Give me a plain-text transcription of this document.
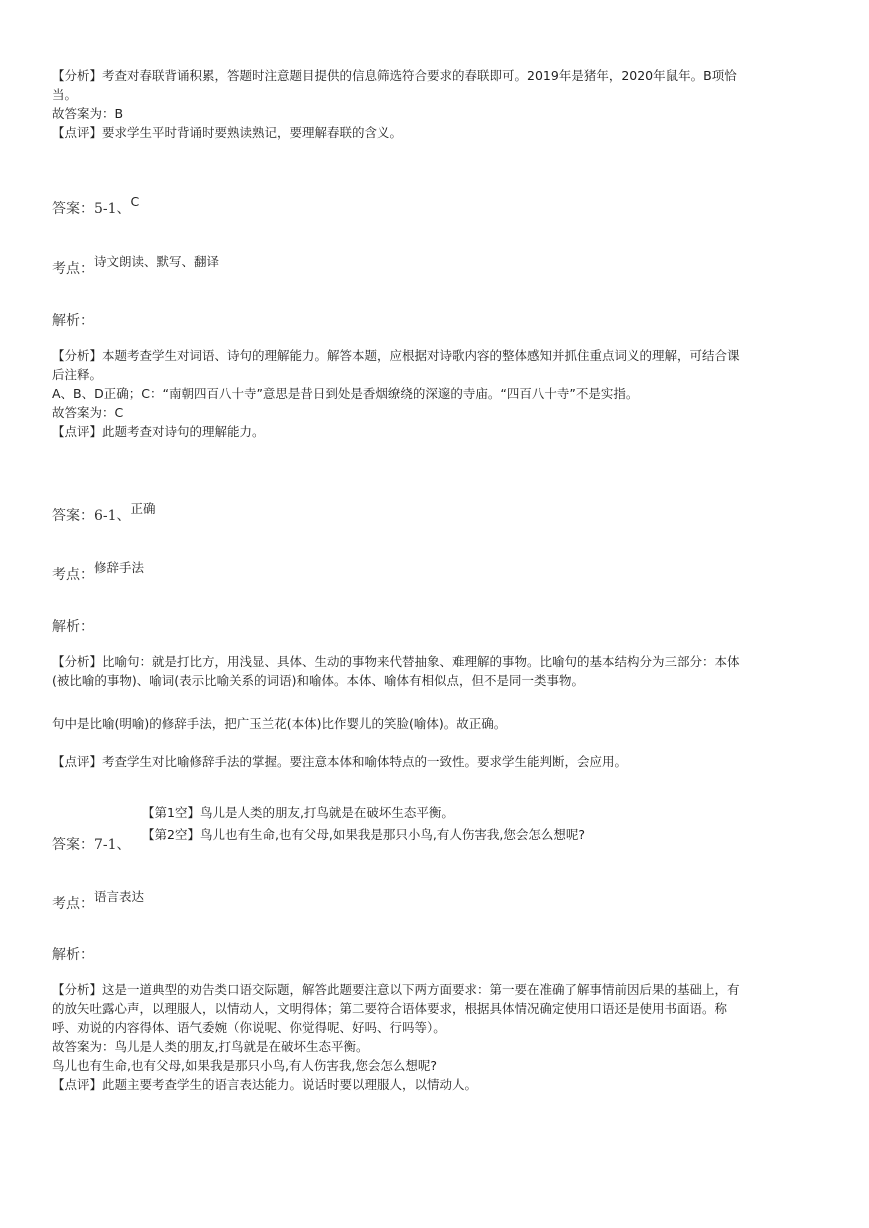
【分析】考查对春联背诵积累，答题时注意题目提供的信息筛选符合要求的春联即可。2019年是猪年，2020年鼠年。B项恰

当。

故答案为：B

【点评】要求学生平时背诵时要熟读熟记，要理解春联的含义。

答案：5-1、C
考点：诗文朗读、默写、翻译
解析：

【分析】本题考查学生对词语、诗句的理解能力。解答本题，应根据对诗歌内容的整体感知并抓住重点词义的理解，可结合课

后注释。

A、B、D正确；C：“南朝四百八十寺”意思是昔日到处是香烟缭绕的深邃的寺庙。“四百八十寺”不是实指。

故答案为：C

【点评】此题考查对诗句的理解能力。

答案：6-1、正确
考点：修辞手法
解析：

【分析】比喻句：就是打比方，用浅显、具体、生动的事物来代替抽象、难理解的事物。比喻句的基本结构分为三部分：本体

(被比喻的事物)、喻词(表示比喻关系的词语)和喻体。本体、喻体有相似点，但不是同一类事物。

句中是比喻(明喻)的修辞手法，把广玉兰花(本体)比作婴儿的笑脸(喻体)。故正确。
【点评】考查学生对比喻修辞手法的掌握。要注意本体和喻体特点的一致性。要求学生能判断，会应用。
【第1空】鸟儿是人类的朋友,打鸟就是在破坏生态平衡。
【第2空】鸟儿也有生命,也有父母,如果我是那只小鸟,有人伤害我,您会怎么想呢?
答案：7-1、
考点：语言表达
解析：

【分析】这是一道典型的劝告类口语交际题，解答此题要注意以下两方面要求：第一要在准确了解事情前因后果的基础上，有

的放矢吐露心声，以理服人，以情动人，文明得体；第二要符合语体要求，根据具体情况确定使用口语还是使用书面语。称

呼、劝说的内容得体、语气委婉（你说呢、你觉得呢、好吗、行吗等）。

故答案为：鸟儿是人类的朋友,打鸟就是在破坏生态平衡。

鸟儿也有生命,也有父母,如果我是那只小鸟,有人伤害我,您会怎么想呢?

【点评】此题主要考查学生的语言表达能力。说话时要以理服人，以情动人。
